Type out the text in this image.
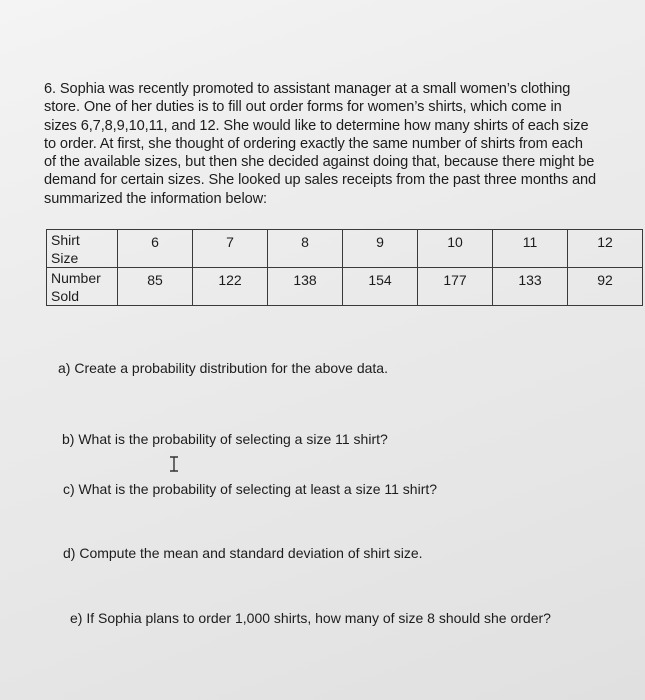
6. Sophia was recently promoted to assistant manager at a small women’s clothing
store. One of her duties is to fill out order forms for women’s shirts, which come in
sizes 6,7,8,9,10,11, and 12. She would like to determine how many shirts of each size
to order. At first, she thought of ordering exactly the same number of shirts from each
of the available sizes, but then she decided against doing that, because there might be
demand for certain sizes. She looked up sales receipts from the past three months and
summarized the information below:

Shirt
Size	6	7	8	9	10	11	12
Number
Sold	85	122	138	154	177	133	92

a) Create a probability distribution for the above data.

b) What is the probability of selecting a size 11 shirt?

c) What is the probability of selecting at least a size 11 shirt?

d) Compute the mean and standard deviation of shirt size.

e) If Sophia plans to order 1,000 shirts, how many of size 8 should she order?
